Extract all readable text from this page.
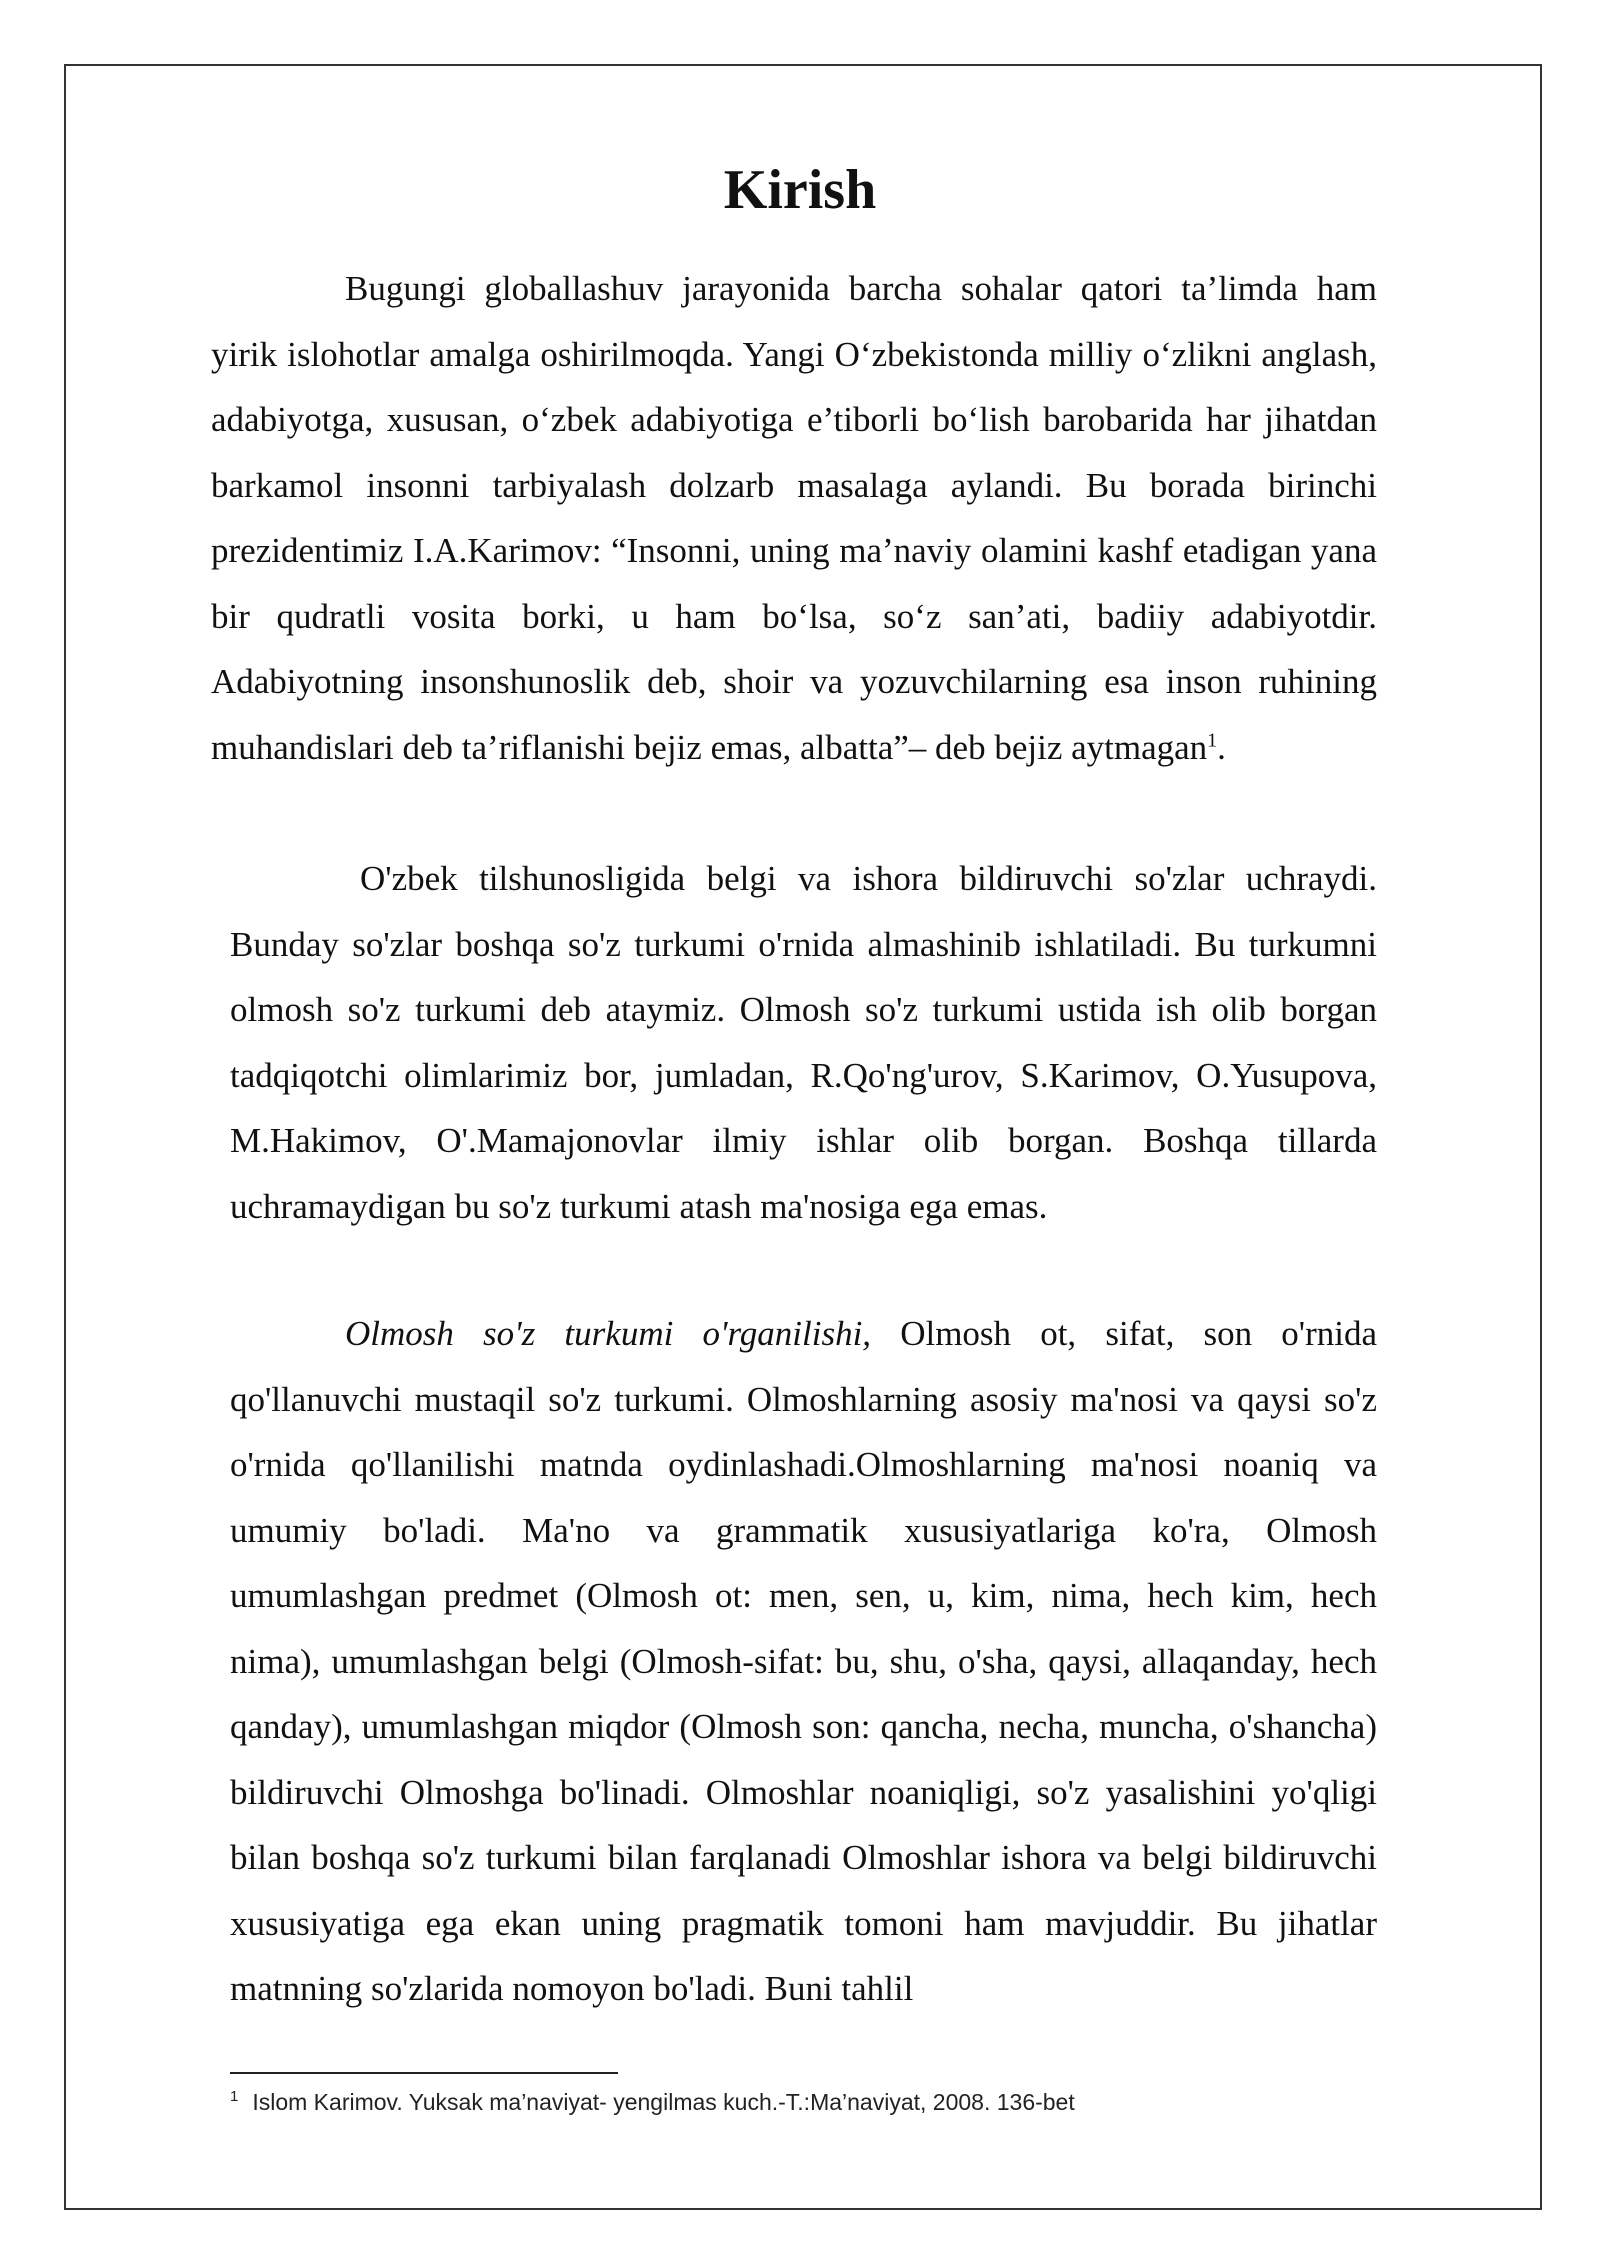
Kirish

Bugungi globallashuv jarayonida barcha sohalar qatori ta’limda ham yirik islohotlar amalga oshirilmoqda. Yangi O‘zbekistonda milliy o‘zlikni anglash, adabiyotga, xususan, o‘zbek adabiyotiga e’tiborli bo‘lish barobarida har jihatdan barkamol insonni tarbiyalash dolzarb masalaga aylandi. Bu borada birinchi prezidentimiz I.A.Karimov: “Insonni, uning ma’naviy olamini kashf etadigan yana bir qudratli vosita borki, u ham bo‘lsa, so‘z san’ati, badiiy adabiyotdir. Adabiyotning insonshunoslik deb, shoir va yozuvchilarning esa inson ruhining muhandislari deb ta’riflanishi bejiz emas, albatta”– deb bejiz aytmagan$^1$.

O'zbek tilshunosligida belgi va ishora bildiruvchi so'zlar uchraydi. Bunday so'zlar boshqa so'z turkumi o'rnida almashinib ishlatiladi. Bu turkumni olmosh so'z turkumi deb ataymiz. Olmosh so'z turkumi ustida ish olib borgan tadqiqotchi olimlarimiz bor, jumladan, R.Qo'ng'urov, S.Karimov, O.Yusupova, M.Hakimov, O'.Mamajonovlar ilmiy ishlar olib borgan. Boshqa tillarda uchramaydigan bu so'z turkumi atash ma'nosiga ega emas.

Olmosh so'z turkumi o'rganilishi, Olmosh ot, sifat, son o'rnida qo'llanuvchi mustaqil so'z turkumi. Olmoshlarning asosiy ma'nosi va qaysi so'z o'rnida qo'llanilishi matnda oydinlashadi.Olmoshlarning ma'nosi noaniq va umumiy bo'ladi. Ma'no va grammatik xususiyatlariga ko'ra, Olmosh umumlashgan predmet (Olmosh ot: men, sen, u, kim, nima, hech kim, hech nima), umumlashgan belgi (Olmosh-sifat: bu, shu, o'sha, qaysi, allaqanday, hech qanday), umumlashgan miqdor (Olmosh son: qancha, necha, muncha, o'shancha) bildiruvchi Olmoshga bo'linadi. Olmoshlar noaniqligi, so'z yasalishini yo'qligi bilan boshqa so'z turkumi bilan farqlanadi Olmoshlar ishora va belgi bildiruvchi xususiyatiga ega ekan uning pragmatik tomoni ham mavjuddir. Bu jihatlar matnning so'zlarida nomoyon bo'ladi. Buni tahlil

$^1$ Islom Karimov. Yuksak ma’naviyat- yengilmas kuch.-T.:Ma’naviyat, 2008. 136-bet
